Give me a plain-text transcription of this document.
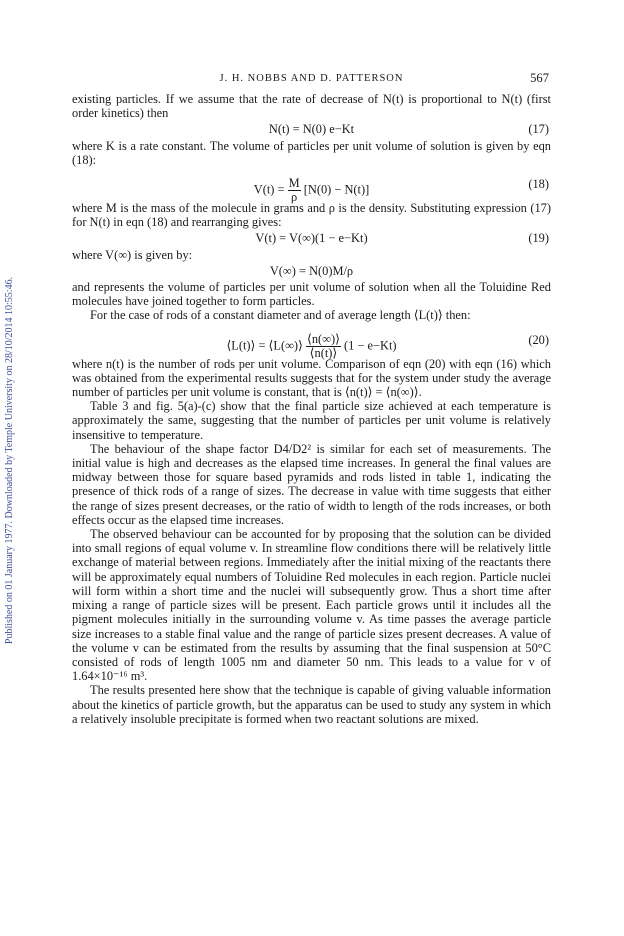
Published on 01 January 1977. Downloaded by Temple University on 28/10/2014 10:55:46.
J. H. NOBBS AND D. PATTERSON	567

existing particles. If we assume that the rate of decrease of N(t) is proportional to N(t) (first order kinetics) then

N(t) = N(0) e−Kt	(17)

where K is a rate constant. The volume of particles per unit volume of solution is given by eqn (18):

$V(t) = \frac{M}{\rho} [N(0) - N(t)]$	(18)

where M is the mass of the molecule in grams and ρ is the density. Substituting expression (17) for N(t) in eqn (18) and rearranging gives:

V(t) = V(∞)(1 − e−Kt)	(19)

where V(∞) is given by:

V(∞) = N(0)M/ρ

and represents the volume of particles per unit volume of solution when all the Toluidine Red molecules have joined together to form particles.

For the case of rods of a constant diameter and of average length ⟨L(t)⟩ then:

⟨L(t)⟩ = ⟨L(∞)⟩ $\frac{⟨n(\infty)⟩}{⟨n(t)⟩} (1 - e-Kt)$	(20)

where n(t) is the number of rods per unit volume. Comparison of eqn (20) with eqn (16) which was obtained from the experimental results suggests that for the system under study the average number of particles per unit volume is constant, that is ⟨n(t)⟩ = ⟨n(∞)⟩.

Table 3 and fig. 5(a)-(c) show that the final particle size achieved at each temperature is approximately the same, suggesting that the number of particles per unit volume is relatively insensitive to temperature.

The behaviour of the shape factor D4/D2² is similar for each set of measurements. The initial value is high and decreases as the elapsed time increases. In general the final values are midway between those for square based pyramids and rods listed in table 1, indicating the presence of thick rods of a range of sizes. The decrease in value with time suggests that either the range of sizes present decreases, or the ratio of width to length of the rods increases, or both effects occur as the elapsed time increases.

The observed behaviour can be accounted for by proposing that the solution can be divided into small regions of equal volume v. In streamline flow conditions there will be relatively little exchange of material between regions. Immediately after the initial mixing of the reactants there will be approximately equal numbers of Toluidine Red molecules in each region. Particle nuclei will form within a short time and the nuclei will subsequently grow. Thus a short time after mixing a range of particle sizes will be present. Each particle grows until it includes all the pigment molecules initially in the surrounding volume v. As time passes the average particle size increases to a stable final value and the range of particle sizes present decreases. A value of the volume v can be estimated from the results by assuming that the final suspension at 50°C consisted of rods of length 1005 nm and diameter 50 nm. This leads to a value for v of 1.64×10⁻¹⁶ m³.

The results presented here show that the technique is capable of giving valuable information about the kinetics of particle growth, but the apparatus can be used to study any system in which a relatively insoluble precipitate is formed when two reactant solutions are mixed.
